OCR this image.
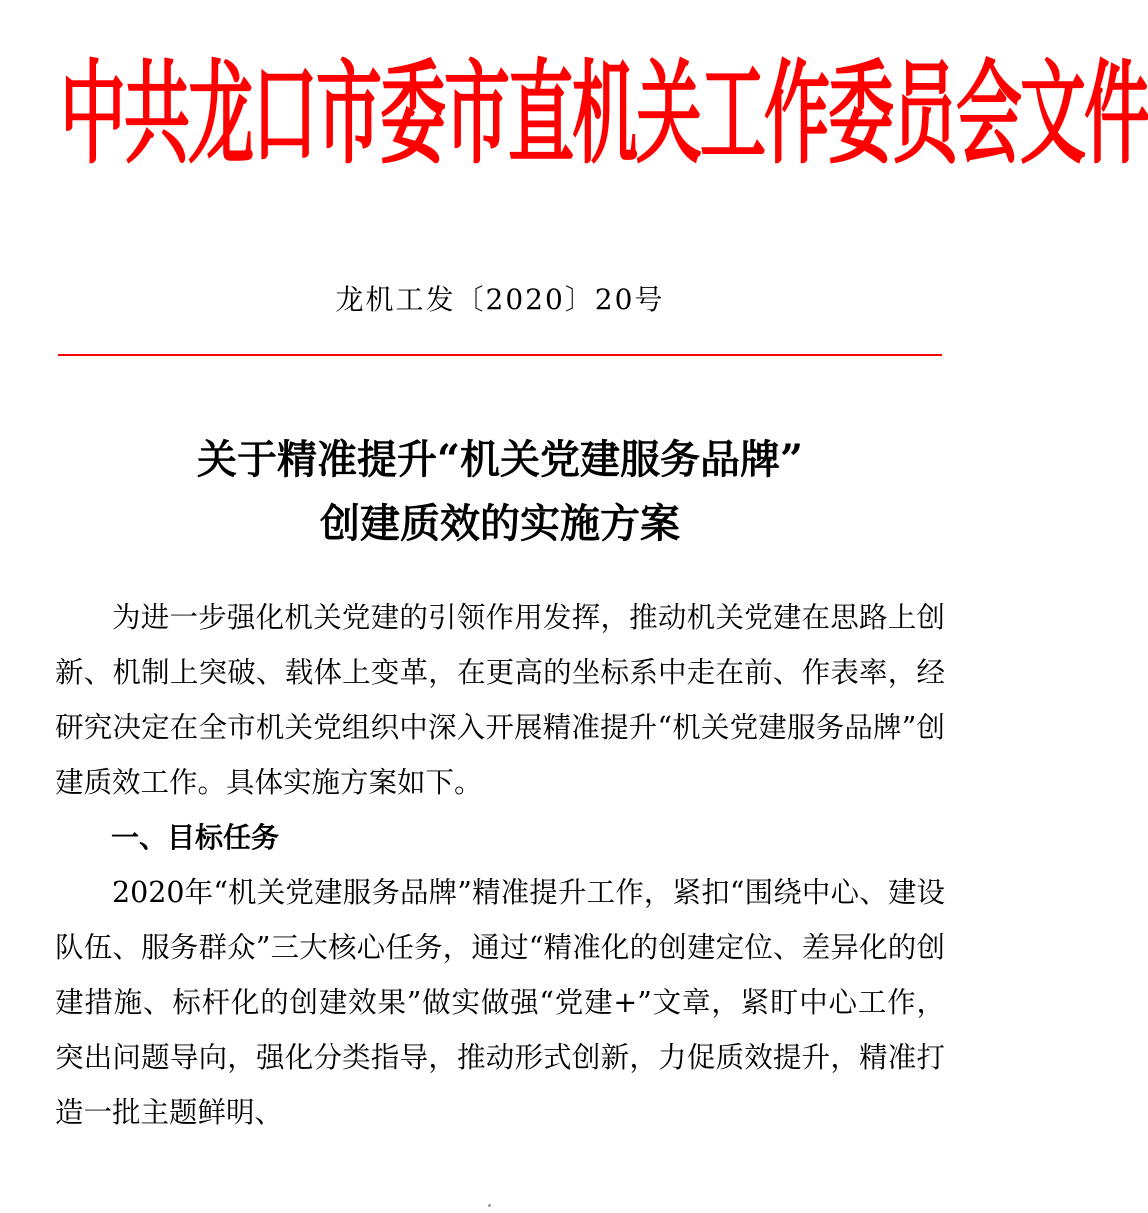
中共龙口市委市直机关工作委员会文件
龙机工发〔2020〕20号
关于精准提升“机关党建服务品牌”
创建质效的实施方案

为进一步强化机关党建的引领作用发挥，推动机关党建在思路上创新、机制上突破、载体上变革，在更高的坐标系中走在前、作表率，经研究决定在全市机关党组织中深入开展精准提升“机关党建服务品牌”创建质效工作。具体实施方案如下。

一、目标任务

2020年“机关党建服务品牌”精准提升工作，紧扣“围绕中心、建设队伍、服务群众”三大核心任务，通过“精准化的创建定位、差异化的创建措施、标杆化的创建效果”做实做强“党建+”文章，紧盯中心工作，突出问题导向，强化分类指导，推动形式创新，力促质效提升，精准打造一批主题鲜明、
